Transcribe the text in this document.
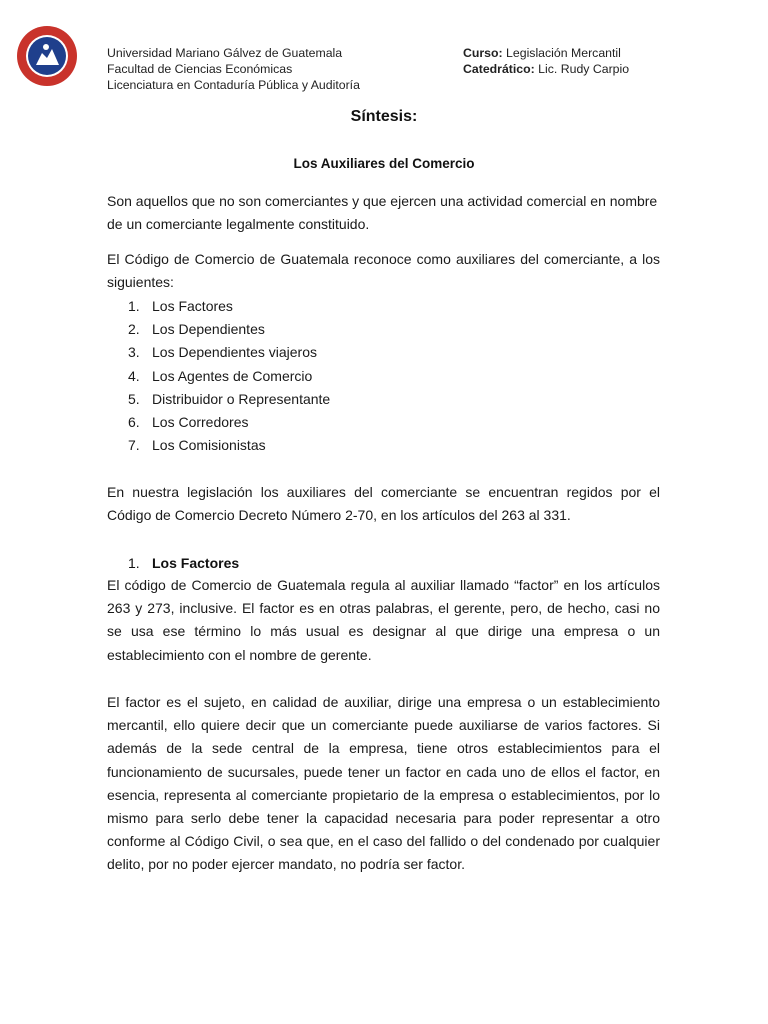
Universidad Mariano Gálvez de Guatemala
Facultad de Ciencias Económicas
Licenciatura en Contaduría Pública y Auditoría
Curso: Legislación Mercantil
Catedrático: Lic. Rudy Carpio
Síntesis:
Los Auxiliares del Comercio
Son aquellos que no son comerciantes y que ejercen una actividad comercial en nombre de un comerciante legalmente constituido.
El Código de Comercio de Guatemala reconoce como auxiliares del comerciante, a los siguientes:
1. Los Factores
2. Los Dependientes
3. Los Dependientes viajeros
4. Los Agentes de Comercio
5. Distribuidor o Representante
6. Los Corredores
7. Los Comisionistas
En nuestra legislación los auxiliares del comerciante se encuentran regidos por el Código de Comercio Decreto Número 2-70, en los artículos del 263 al 331.
1. Los Factores
El código de Comercio de Guatemala regula al auxiliar llamado “factor” en los artículos 263 y 273, inclusive. El factor es en otras palabras, el gerente, pero, de hecho, casi no se usa ese término lo más usual es designar al que dirige una empresa o un establecimiento con el nombre de gerente.
El factor es el sujeto, en calidad de auxiliar, dirige una empresa o un establecimiento mercantil, ello quiere decir que un comerciante puede auxiliarse de varios factores. Si además de la sede central de la empresa, tiene otros establecimientos para el funcionamiento de sucursales, puede tener un factor en cada uno de ellos el factor, en esencia, representa al comerciante propietario de la empresa o establecimientos, por lo mismo para serlo debe tener la capacidad necesaria para poder representar a otro conforme al Código Civil, o sea que, en el caso del fallido o del condenado por cualquier delito, por no poder ejercer mandato, no podría ser factor.
